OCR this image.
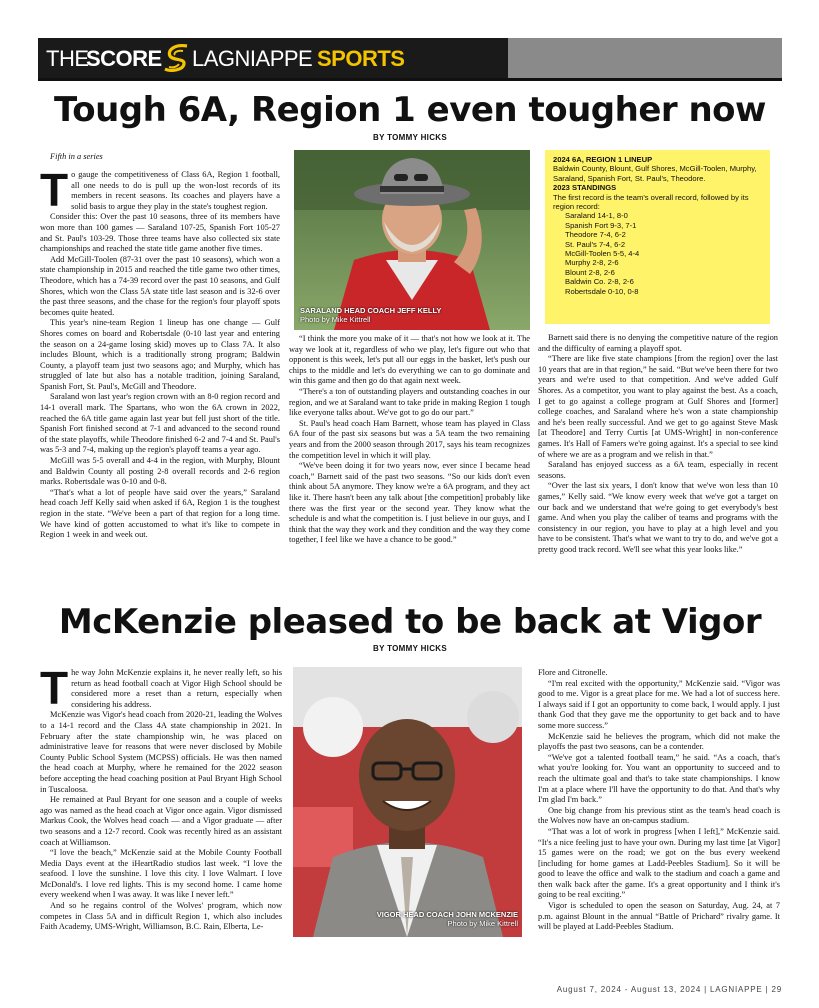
THE
SCORE LAGNIAPPE SPORTS
Tough 6A, Region 1 even tougher now
BY TOMMY HICKS
Fifth in a series
T o gauge the competitiveness of Class 6A, Region 1 football, all one needs to do is pull up the won-lost records of its members in recent seasons. Its coaches and players have a solid basis to argue they play in the state's toughest region.

Consider this: Over the past 10 seasons, three of its members have won more than 100 games — Saraland 107-25, Spanish Fort 105-27 and St. Paul's 103-29. Those three teams have also collected six state championships and reached the state title game another five times.

Add McGill-Toolen (87-31 over the past 10 seasons), which won a state championship in 2015 and reached the title game two other times, Theodore, which has a 74-39 record over the past 10 seasons, and Gulf Shores, which won the Class 5A state title last season and is 32-6 over the past three seasons, and the chase for the region's four playoff spots becomes quite heated.

This year's nine-team Region 1 lineup has one change — Gulf Shores comes on board and Robertsdale (0-10 last year and entering the season on a 24-game losing skid) moves up to Class 7A. It also includes Blount, which is a traditionally strong program; Baldwin County, a playoff team just two seasons ago; and Murphy, which has struggled of late but also has a notable tradition, joining Saraland, Spanish Fort, St. Paul's, McGill and Theodore.

Saraland won last year's region crown with an 8-0 region record and 14-1 overall mark. The Spartans, who won the 6A crown in 2022, reached the 6A title game again last year but fell just short of the title. Spanish Fort finished second at 7-1 and advanced to the second round of the state playoffs, while Theodore finished 6-2 and 7-4 and St. Paul's was 5-3 and 7-4, making up the region's playoff teams a year ago.

McGill was 5-5 overall and 4-4 in the region, with Murphy, Blount and Baldwin County all posting 2-8 overall records and 2-6 region marks. Robertsdale was 0-10 and 0-8.

“That's what a lot of people have said over the years,” Saraland head coach Jeff Kelly said when asked if 6A, Region 1 is the toughest region in the state. “We've been a part of that region for a long time. We have kind of gotten accustomed to what it's like to compete in Region 1 week in and week out.

SARALAND HEAD COACH JEFF KELLY
Photo by Mike Kittrell

“I think the more you make of it — that's not how we look at it. The way we look at it, regardless of who we play, let's figure out who that opponent is this week, let's put all our eggs in the basket, let's push our chips to the middle and let's do everything we can to go dominate and win this game and then go do that again next week.

“There's a ton of outstanding players and outstanding coaches in our region, and we at Saraland want to take pride in making Region 1 tough like everyone talks about. We've got to go do our part.”

St. Paul's head coach Ham Barnett, whose team has played in Class 6A four of the past six seasons but was a 5A team the two remaining years and from the 2000 season through 2017, says his team recognizes the competition level in which it will play.

“We've been doing it for two years now, ever since I became head coach,” Barnett said of the past two seasons. “So our kids don't even think about 5A anymore. They know we're a 6A program, and they act like it. There hasn't been any talk about [the competition] probably like there was the first year or the second year. They know what the schedule is and what the competition is. I just believe in our guys, and I think that the way they work and they condition and the way they come together, I feel like we have a chance to be good.”

2024 6A, REGION 1 LINEUP
Baldwin County, Blount, Gulf Shores, McGill-Toolen, Murphy, Saraland, Spanish Fort, St. Paul's, Theodore.
2023 STANDINGS
The first record is the team's overall record, followed by its region record:
Saraland 14-1, 8-0
Spanish Fort 9-3, 7-1
Theodore 7-4, 6-2
St. Paul's 7-4, 6-2
McGill-Toolen 5-5, 4-4
Murphy 2-8, 2-6
Blount 2-8, 2-6
Baldwin Co. 2-8, 2-6
Robertsdale 0-10, 0-8

Barnett said there is no denying the competitive nature of the region and the difficulty of earning a playoff spot.

“There are like five state champions [from the region] over the last 10 years that are in that region,” he said. “But we've been there for two years and we're used to that competition. And we've added Gulf Shores. As a competitor, you want to play against the best. As a coach, I get to go against a college program at Gulf Shores and [former] college coaches, and Saraland where he's won a state championship and he's been really successful. And we get to go against Steve Mask [at Theodore] and Terry Curtis [at UMS-Wright] in non-conference games. It's Hall of Famers we're going against. It's a special to see kind of where we are as a program and we relish in that.”

Saraland has enjoyed success as a 6A team, especially in recent seasons.

“Over the last six years, I don't know that we've won less than 10 games,” Kelly said. “We know every week that we've got a target on our back and we understand that we're going to get everybody's best game. And when you play the caliber of teams and programs with the consistency in our region, you have to play at a high level and you have to be consistent. That's what we want to try to do, and we've got a pretty good track record. We'll see what this year looks like.”

McKenzie pleased to be back at Vigor
BY TOMMY HICKS
T he way John McKenzie explains it, he never really left, so his return as head football coach at Vigor High School should be considered more a reset than a return, especially when considering his address.

McKenzie was Vigor's head coach from 2020-21, leading the Wolves to a 14-1 record and the Class 4A state championship in 2021. In February after the state championship win, he was placed on administrative leave for reasons that were never disclosed by Mobile County Public School System (MCPSS) officials. He was then named the head coach at Murphy, where he remained for the 2022 season before accepting the head coaching position at Paul Bryant High School in Tuscaloosa.

He remained at Paul Bryant for one season and a couple of weeks ago was named as the head coach at Vigor once again. Vigor dismissed Markus Cook, the Wolves head coach — and a Vigor graduate — after two seasons and a 12-7 record. Cook was recently hired as an assistant coach at Williamson.

“I love the beach,” McKenzie said at the Mobile County Football Media Days event at the iHeartRadio studios last week. “I love the seafood. I love the sunshine. I love this city. I love Walmart. I love McDonald's. I love red lights. This is my second home. I came home every weekend when I was away. It was like I never left.”

And so he regains control of the Wolves' program, which now competes in Class 5A and in difficult Region 1, which also includes Faith Academy, UMS-Wright, Williamson, B.C. Rain, Elberta, Le-

VIGOR HEAD COACH JOHN MCKENZIE
Photo by Mike Kittrell

Flore and Citronelle.

“I'm real excited with the opportunity,” McKenzie said. “Vigor was good to me. Vigor is a great place for me. We had a lot of success here. I always said if I got an opportunity to come back, I would apply. I just thank God that they gave me the opportunity to get back and to have some more success.”

McKenzie said he believes the program, which did not make the playoffs the past two seasons, can be a contender.

“We've got a talented football team,” he said. “As a coach, that's what you're looking for. You want an opportunity to succeed and to reach the ultimate goal and that's to take state championships. I know I'm at a place where I'll have the opportunity to do that. And that's why I'm glad I'm back.”

One big change from his previous stint as the team's head coach is the Wolves now have an on-campus stadium.

“That was a lot of work in progress [when I left],” McKenzie said. “It's a nice feeling just to have your own. During my last time [at Vigor] 15 games were on the road; we got on the bus every weekend [including for home games at Ladd-Peebles Stadium]. So it will be good to leave the office and walk to the stadium and coach a game and then walk back after the game. It's a great opportunity and I think it's going to be real exciting.”

Vigor is scheduled to open the season on Saturday, Aug. 24, at 7 p.m. against Blount in the annual “Battle of Prichard” rivalry game. It will be played at Ladd-Peebles Stadium.

August 7, 2024 - August 13, 2024 | LAGNIAPPE | 29
